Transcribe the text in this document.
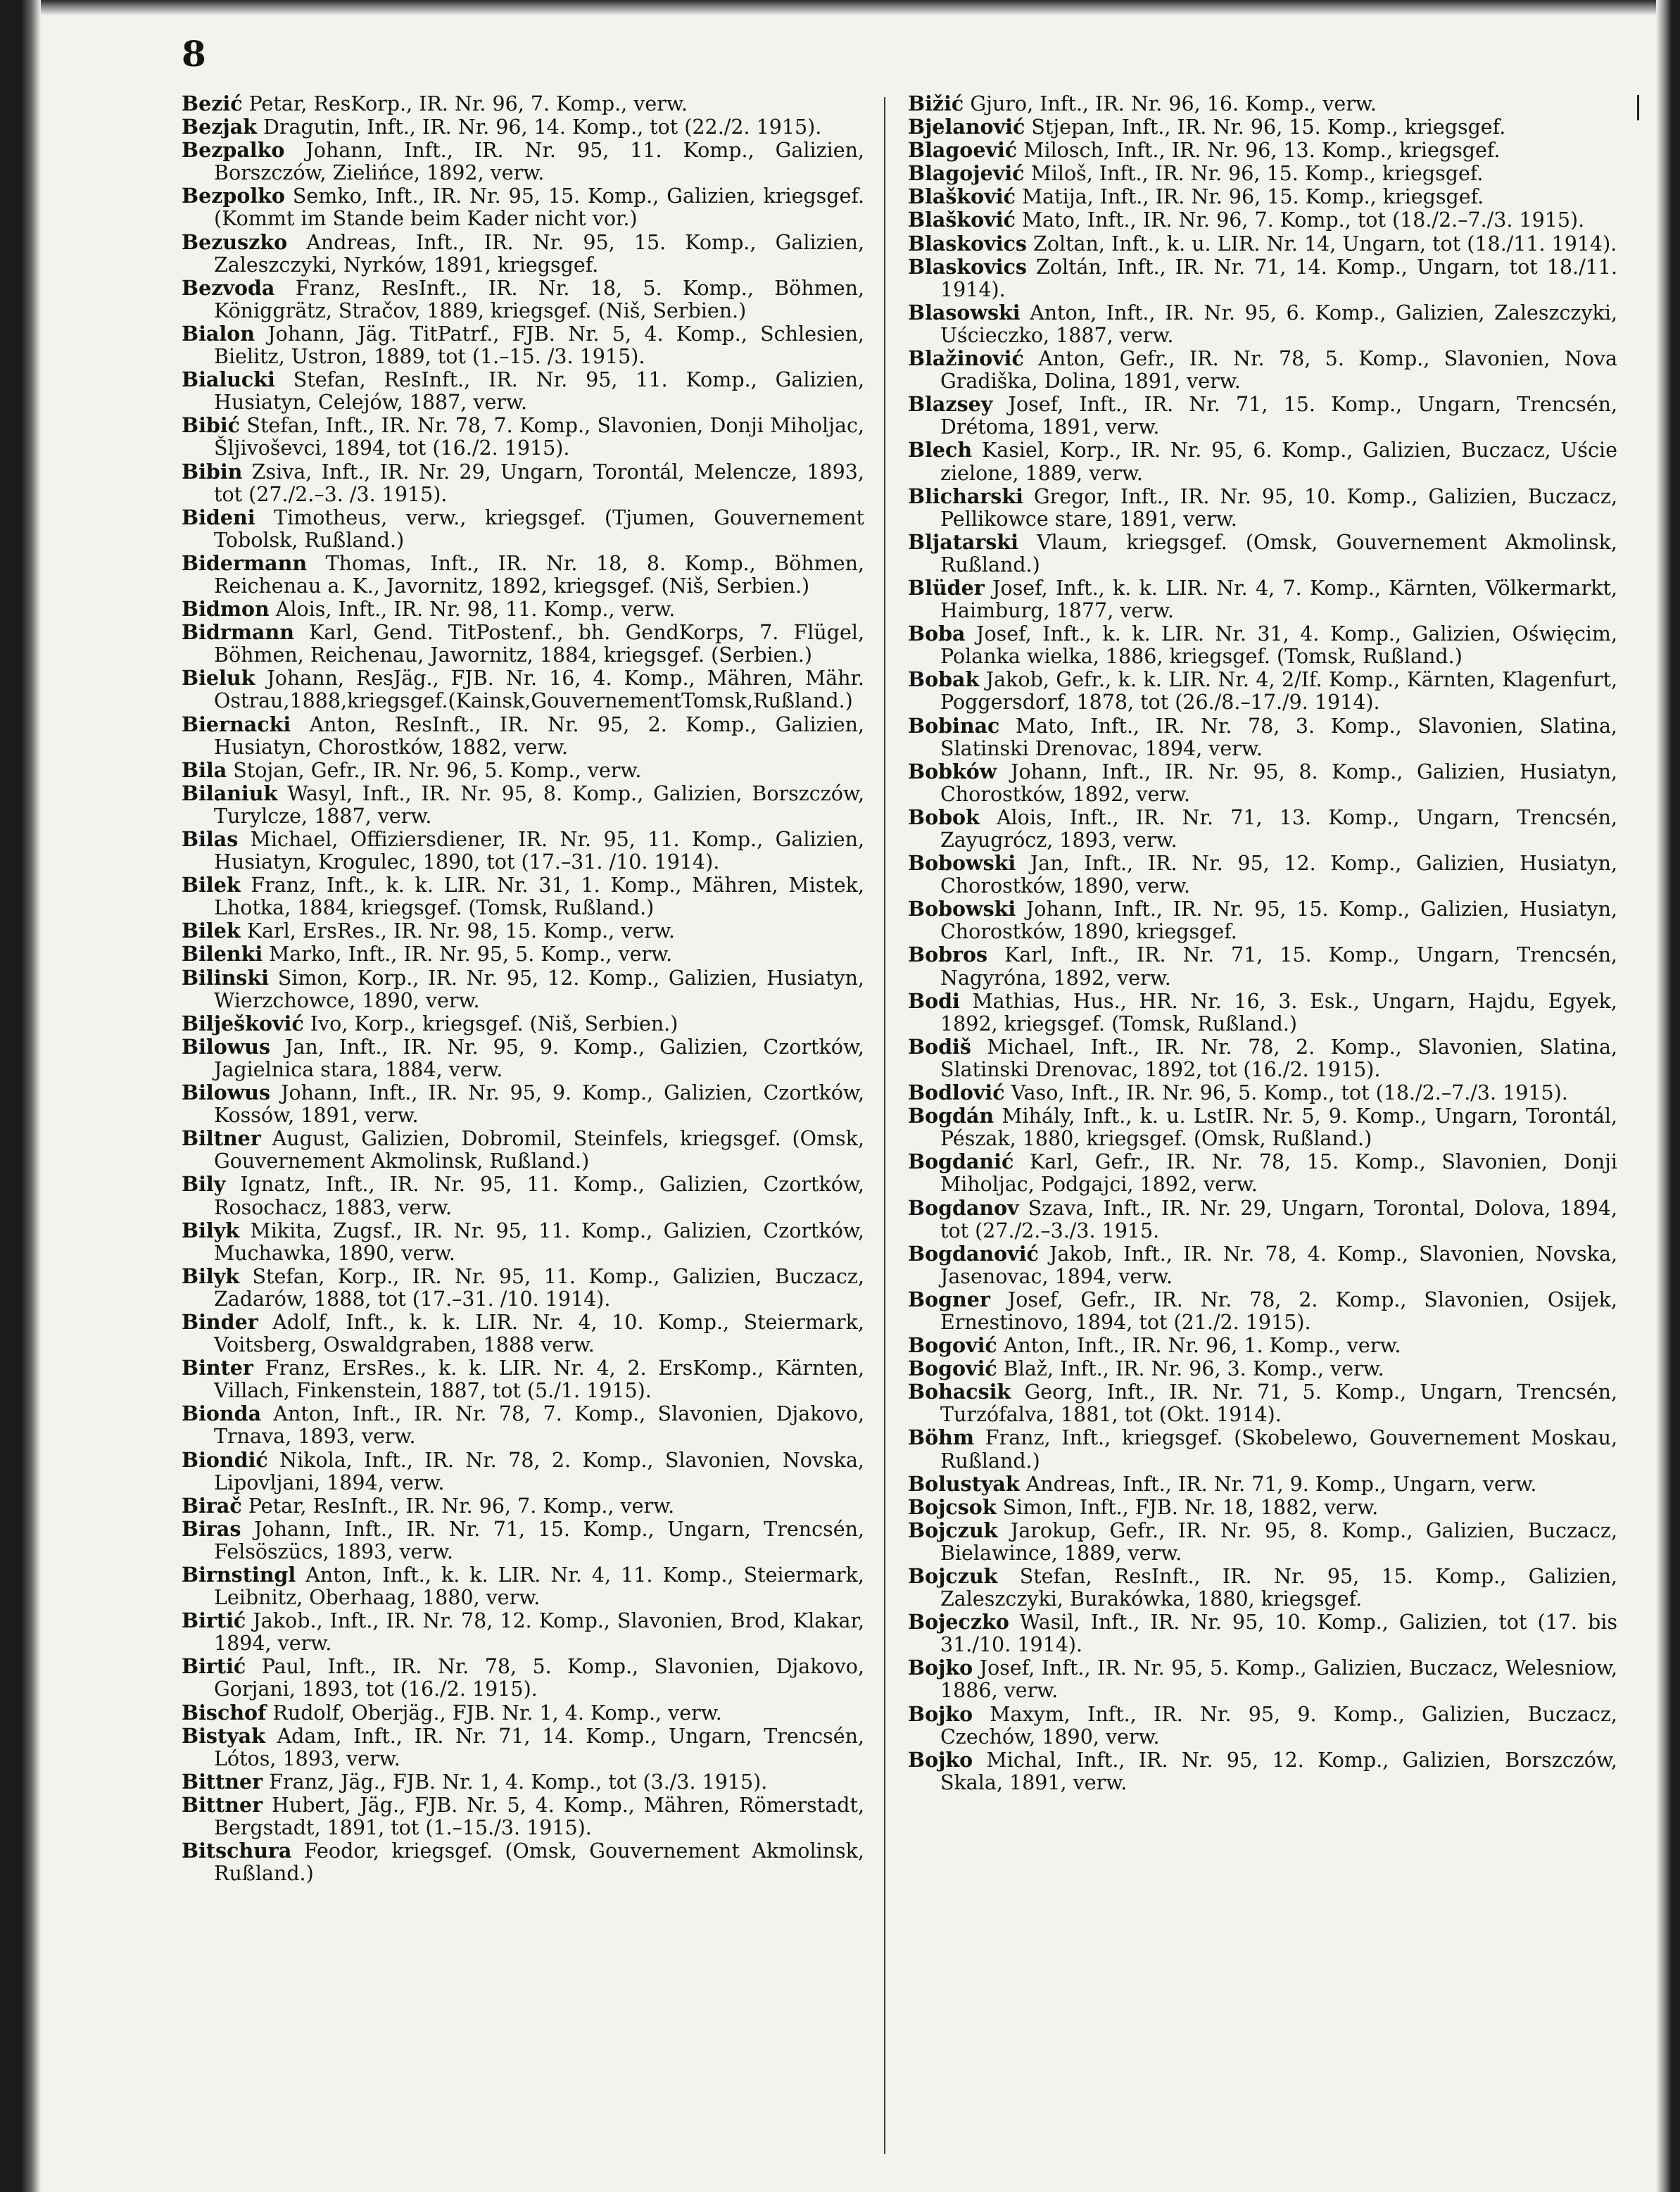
8

Bezić Petar, ResKorp., IR. Nr. 96, 7. Komp., verw.

Bezjak Dragutin, Inft., IR. Nr. 96, 14. Komp., tot (22./2. 1915).

Bezpalko Johann, Inft., IR. Nr. 95, 11. Komp., Galizien, Borszczów, Zielińce, 1892, verw.

Bezpolko Semko, Inft., IR. Nr. 95, 15. Komp., Galizien, kriegsgef. (Kommt im Stande beim Kader nicht vor.)

Bezuszko Andreas, Inft., IR. Nr. 95, 15. Komp., Galizien, Zaleszczyki, Nyrków, 1891, kriegsgef.

Bezvoda Franz, ResInft., IR. Nr. 18, 5. Komp., Böhmen, Königgrätz, Stračov, 1889, kriegsgef. (Niš, Serbien.)

Bialon Johann, Jäg. TitPatrf., FJB. Nr. 5, 4. Komp., Schlesien, Bielitz, Ustron, 1889, tot (1.–15. /3. 1915).

Bialucki Stefan, ResInft., IR. Nr. 95, 11. Komp., Galizien, Husiatyn, Celejów, 1887, verw.

Bibić Stefan, Inft., IR. Nr. 78, 7. Komp., Slavonien, Donji Miholjac, Šljivoševci, 1894, tot (16./2. 1915).

Bibin Zsiva, Inft., IR. Nr. 29, Ungarn, Torontál, Melencze, 1893, tot (27./2.–3. /3. 1915).

Bideni Timotheus, verw., kriegsgef. (Tjumen, Gouvernement Tobolsk, Rußland.)

Bidermann Thomas, Inft., IR. Nr. 18, 8. Komp., Böhmen, Reichenau a. K., Javornitz, 1892, kriegsgef. (Niš, Serbien.)

Bidmon Alois, Inft., IR. Nr. 98, 11. Komp., verw.

Bidrmann Karl, Gend. TitPostenf., bh. GendKorps, 7. Flügel, Böhmen, Reichenau, Jawornitz, 1884, kriegsgef. (Serbien.)

Bieluk Johann, ResJäg., FJB. Nr. 16, 4. Komp., Mähren, Mähr. Ostrau,1888,kriegsgef.(Kainsk,GouvernementTomsk,Rußland.)

Biernacki Anton, ResInft., IR. Nr. 95, 2. Komp., Galizien, Husiatyn, Chorostków, 1882, verw.

Bila Stojan, Gefr., IR. Nr. 96, 5. Komp., verw.

Bilaniuk Wasyl, Inft., IR. Nr. 95, 8. Komp., Galizien, Borszczów, Turylcze, 1887, verw.

Bilas Michael, Offiziersdiener, IR. Nr. 95, 11. Komp., Galizien, Husiatyn, Krogulec, 1890, tot (17.–31. /10. 1914).

Bilek Franz, Inft., k. k. LIR. Nr. 31, 1. Komp., Mähren, Mistek, Lhotka, 1884, kriegsgef. (Tomsk, Rußland.)

Bilek Karl, ErsRes., IR. Nr. 98, 15. Komp., verw.

Bilenki Marko, Inft., IR. Nr. 95, 5. Komp., verw.

Bilinski Simon, Korp., IR. Nr. 95, 12. Komp., Galizien, Husiatyn, Wierzchowce, 1890, verw.

Bilješković Ivo, Korp., kriegsgef. (Niš, Serbien.)

Bilowus Jan, Inft., IR. Nr. 95, 9. Komp., Galizien, Czortków, Jagielnica stara, 1884, verw.

Bilowus Johann, Inft., IR. Nr. 95, 9. Komp., Galizien, Czortków, Kossów, 1891, verw.

Biltner August, Galizien, Dobromil, Steinfels, kriegsgef. (Omsk, Gouvernement Akmolinsk, Rußland.)

Bily Ignatz, Inft., IR. Nr. 95, 11. Komp., Galizien, Czortków, Rosochacz, 1883, verw.

Bilyk Mikita, Zugsf., IR. Nr. 95, 11. Komp., Galizien, Czortków, Muchawka, 1890, verw.

Bilyk Stefan, Korp., IR. Nr. 95, 11. Komp., Galizien, Buczacz, Zadarów, 1888, tot (17.–31. /10. 1914).

Binder Adolf, Inft., k. k. LIR. Nr. 4, 10. Komp., Steiermark, Voitsberg, Oswaldgraben, 1888 verw.

Binter Franz, ErsRes., k. k. LIR. Nr. 4, 2. ErsKomp., Kärnten, Villach, Finkenstein, 1887, tot (5./1. 1915).

Bionda Anton, Inft., IR. Nr. 78, 7. Komp., Slavonien, Djakovo, Trnava, 1893, verw.

Biondić Nikola, Inft., IR. Nr. 78, 2. Komp., Slavonien, Novska, Lipovljani, 1894, verw.

Birač Petar, ResInft., IR. Nr. 96, 7. Komp., verw.

Biras Johann, Inft., IR. Nr. 71, 15. Komp., Ungarn, Trencsén, Felsöszücs, 1893, verw.

Birnstingl Anton, Inft., k. k. LIR. Nr. 4, 11. Komp., Steiermark, Leibnitz, Oberhaag, 1880, verw.

Birtić Jakob., Inft., IR. Nr. 78, 12. Komp., Slavonien, Brod, Klakar, 1894, verw.

Birtić Paul, Inft., IR. Nr. 78, 5. Komp., Slavonien, Djakovo, Gorjani, 1893, tot (16./2. 1915).

Bischof Rudolf, Oberjäg., FJB. Nr. 1, 4. Komp., verw.

Bistyak Adam, Inft., IR. Nr. 71, 14. Komp., Ungarn, Trencsén, Lótos, 1893, verw.

Bittner Franz, Jäg., FJB. Nr. 1, 4. Komp., tot (3./3. 1915).

Bittner Hubert, Jäg., FJB. Nr. 5, 4. Komp., Mähren, Römerstadt, Bergstadt, 1891, tot (1.–15./3. 1915).

Bitschura Feodor, kriegsgef. (Omsk, Gouvernement Akmolinsk, Rußland.)

Bižić Gjuro, Inft., IR. Nr. 96, 16. Komp., verw.

Bjelanović Stjepan, Inft., IR. Nr. 96, 15. Komp., kriegsgef.

Blagoević Milosch, Inft., IR. Nr. 96, 13. Komp., kriegsgef.

Blagojević Miloš, Inft., IR. Nr. 96, 15. Komp., kriegsgef.

Blašković Matija, Inft., IR. Nr. 96, 15. Komp., kriegsgef.

Blašković Mato, Inft., IR. Nr. 96, 7. Komp., tot (18./2.–7./3. 1915).

Blaskovics Zoltan, Inft., k. u. LIR. Nr. 14, Ungarn, tot (18./11. 1914).

Blaskovics Zoltán, Inft., IR. Nr. 71, 14. Komp., Ungarn, tot 18./11. 1914).

Blasowski Anton, Inft., IR. Nr. 95, 6. Komp., Galizien, Zaleszczyki, Uścieczko, 1887, verw.

Blažinović Anton, Gefr., IR. Nr. 78, 5. Komp., Slavonien, Nova Gradiška, Dolina, 1891, verw.

Blazsey Josef, Inft., IR. Nr. 71, 15. Komp., Ungarn, Trencsén, Drétoma, 1891, verw.

Blech Kasiel, Korp., IR. Nr. 95, 6. Komp., Galizien, Buczacz, Uście zielone, 1889, verw.

Blicharski Gregor, Inft., IR. Nr. 95, 10. Komp., Galizien, Buczacz, Pellikowce stare, 1891, verw.

Bljatarski Vlaum, kriegsgef. (Omsk, Gouvernement Akmolinsk, Rußland.)

Blüder Josef, Inft., k. k. LIR. Nr. 4, 7. Komp., Kärnten, Völkermarkt, Haimburg, 1877, verw.

Boba Josef, Inft., k. k. LIR. Nr. 31, 4. Komp., Galizien, Oświęcim, Polanka wielka, 1886, kriegsgef. (Tomsk, Rußland.)

Bobak Jakob, Gefr., k. k. LIR. Nr. 4, 2/If. Komp., Kärnten, Klagenfurt, Poggersdorf, 1878, tot (26./8.–17./9. 1914).

Bobinac Mato, Inft., IR. Nr. 78, 3. Komp., Slavonien, Slatina, Slatinski Drenovac, 1894, verw.

Bobków Johann, Inft., IR. Nr. 95, 8. Komp., Galizien, Husiatyn, Chorostków, 1892, verw.

Bobok Alois, Inft., IR. Nr. 71, 13. Komp., Ungarn, Trencsén, Zayugrócz, 1893, verw.

Bobowski Jan, Inft., IR. Nr. 95, 12. Komp., Galizien, Husiatyn, Chorostków, 1890, verw.

Bobowski Johann, Inft., IR. Nr. 95, 15. Komp., Galizien, Husiatyn, Chorostków, 1890, kriegsgef.

Bobros Karl, Inft., IR. Nr. 71, 15. Komp., Ungarn, Trencsén, Nagyróna, 1892, verw.

Bodi Mathias, Hus., HR. Nr. 16, 3. Esk., Ungarn, Hajdu, Egyek, 1892, kriegsgef. (Tomsk, Rußland.)

Bodiš Michael, Inft., IR. Nr. 78, 2. Komp., Slavonien, Slatina, Slatinski Drenovac, 1892, tot (16./2. 1915).

Bodlović Vaso, Inft., IR. Nr. 96, 5. Komp., tot (18./2.–7./3. 1915).

Bogdán Mihály, Inft., k. u. LstIR. Nr. 5, 9. Komp., Ungarn, Torontál, Pészak, 1880, kriegsgef. (Omsk, Rußland.)

Bogdanić Karl, Gefr., IR. Nr. 78, 15. Komp., Slavonien, Donji Miholjac, Podgajci, 1892, verw.

Bogdanov Szava, Inft., IR. Nr. 29, Ungarn, Torontal, Dolova, 1894, tot (27./2.–3./3. 1915.

Bogdanović Jakob, Inft., IR. Nr. 78, 4. Komp., Slavonien, Novska, Jasenovac, 1894, verw.

Bogner Josef, Gefr., IR. Nr. 78, 2. Komp., Slavonien, Osijek, Ernestinovo, 1894, tot (21./2. 1915).

Bogović Anton, Inft., IR. Nr. 96, 1. Komp., verw.

Bogović Blaž, Inft., IR. Nr. 96, 3. Komp., verw.

Bohacsik Georg, Inft., IR. Nr. 71, 5. Komp., Ungarn, Trencsén, Turzófalva, 1881, tot (Okt. 1914).

Böhm Franz, Inft., kriegsgef. (Skobelewo, Gouvernement Moskau, Rußland.)

Bolustyak Andreas, Inft., IR. Nr. 71, 9. Komp., Ungarn, verw.

Bojcsok Simon, Inft., FJB. Nr. 18, 1882, verw.

Bojczuk Jarokup, Gefr., IR. Nr. 95, 8. Komp., Galizien, Buczacz, Bielawince, 1889, verw.

Bojczuk Stefan, ResInft., IR. Nr. 95, 15. Komp., Galizien, Zaleszczyki, Burakówka, 1880, kriegsgef.

Bojeczko Wasil, Inft., IR. Nr. 95, 10. Komp., Galizien, tot (17. bis 31./10. 1914).

Bojko Josef, Inft., IR. Nr. 95, 5. Komp., Galizien, Buczacz, Welesniow, 1886, verw.

Bojko Maxym, Inft., IR. Nr. 95, 9. Komp., Galizien, Buczacz, Czechów, 1890, verw.

Bojko Michal, Inft., IR. Nr. 95, 12. Komp., Galizien, Borszczów, Skala, 1891, verw.
